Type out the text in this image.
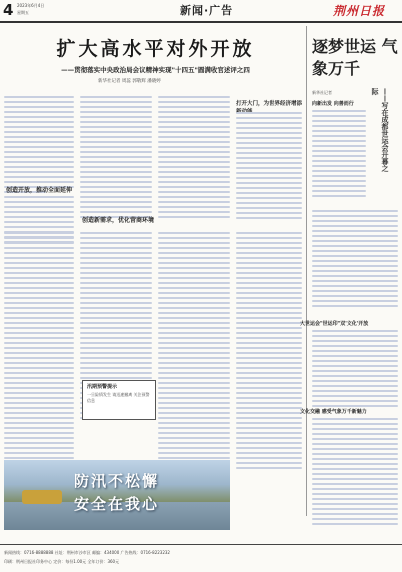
4 2023年6月4日
星期五	新闻·广告	荆州日报
扩大高水平对外开放
——贯彻落实中央政治局会议精神实现"十四五"圆满收官述评之四
新华社记者 周蕊 郭敬辉 潘晓婷
创造开放，推动全面延伸
创造新需求，优化营商环境
打开大门，为世界经济增添
汛期预警提示
一旦险情发生 请迅速撤离 关注预警信息
逐梦世运 气象万千
——写在成都世运会开幕之际
新华社记者
向新出发 向善而行
大世运会"世运印"双'文化'开放
文化交融 感受气象万千新魅力
防汛不松懈
安全在我心
新闻热线：0716-8888888 社址：荆州市沙市区 邮编：434000 广告热线：0716-8223232
印刷：荆州日报社印务中心 定价：每份1.00元 全年订价：360元
